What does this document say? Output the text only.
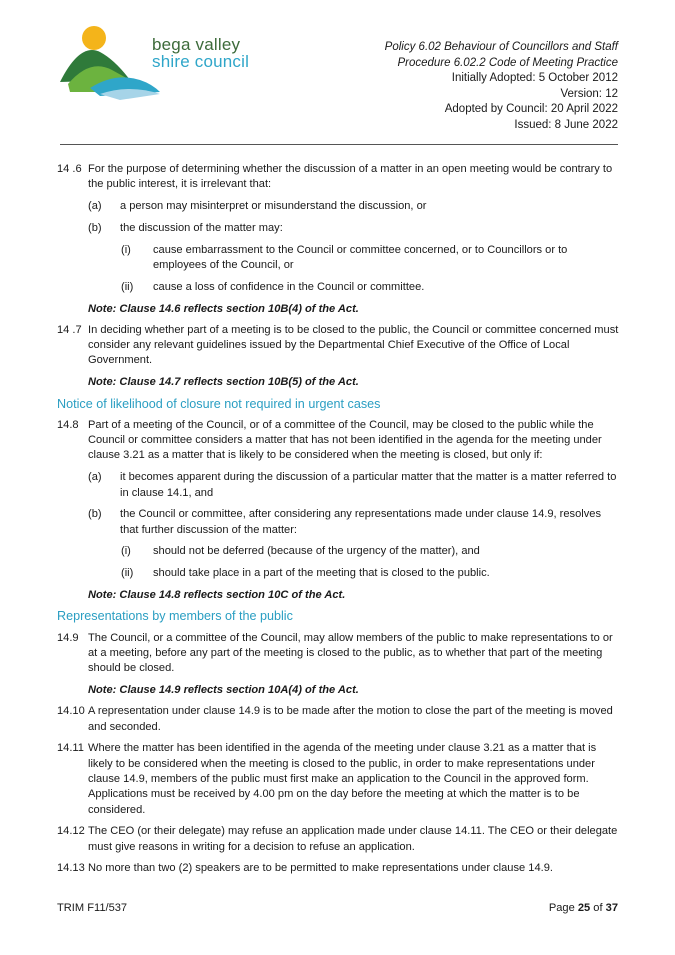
bega valley
shire council
Policy 6.02 Behaviour of Councillors and Staff
Procedure 6.02.2 Code of Meeting Practice
Initially Adopted: 5 October 2012
Version: 12
Adopted by Council: 20 April 2022
Issued: 8 June 2022
14 .6 For the purpose of determining whether the discussion of a matter in an open meeting would be contrary to the public interest, it is irrelevant that:
(a) a person may misinterpret or misunderstand the discussion, or
(b) the discussion of the matter may:
(i) cause embarrassment to the Council or committee concerned, or to Councillors or to employees of the Council, or
(ii) cause a loss of confidence in the Council or committee.
Note: Clause 14.6 reflects section 10B(4) of the Act.
14 .7 In deciding whether part of a meeting is to be closed to the public, the Council or committee concerned must consider any relevant guidelines issued by the Departmental Chief Executive of the Office of Local Government.
Note: Clause 14.7 reflects section 10B(5) of the Act.
Notice of likelihood of closure not required in urgent cases
14.8 Part of a meeting of the Council, or of a committee of the Council, may be closed to the public while the Council or committee considers a matter that has not been identified in the agenda for the meeting under clause 3.21 as a matter that is likely to be considered when the meeting is closed, but only if:
(a) it becomes apparent during the discussion of a particular matter that the matter is a matter referred to in clause 14.1, and
(b) the Council or committee, after considering any representations made under clause 14.9, resolves that further discussion of the matter:
(i) should not be deferred (because of the urgency of the matter), and
(ii) should take place in a part of the meeting that is closed to the public.
Note: Clause 14.8 reflects section 10C of the Act.
Representations by members of the public
14.9 The Council, or a committee of the Council, may allow members of the public to make representations to or at a meeting, before any part of the meeting is closed to the public, as to whether that part of the meeting should be closed.
Note: Clause 14.9 reflects section 10A(4) of the Act.
14.10 A representation under clause 14.9 is to be made after the motion to close the part of the meeting is moved and seconded.
14.11 Where the matter has been identified in the agenda of the meeting under clause 3.21 as a matter that is likely to be considered when the meeting is closed to the public, in order to make representations under clause 14.9, members of the public must first make an application to the Council in the approved form. Applications must be received by 4.00 pm on the day before the meeting at which the matter is to be considered.
14.12 The CEO (or their delegate) may refuse an application made under clause 14.11. The CEO or their delegate must give reasons in writing for a decision to refuse an application.
14.13 No more than two (2) speakers are to be permitted to make representations under clause 14.9.
TRIM F11/537	Page 25 of 37
